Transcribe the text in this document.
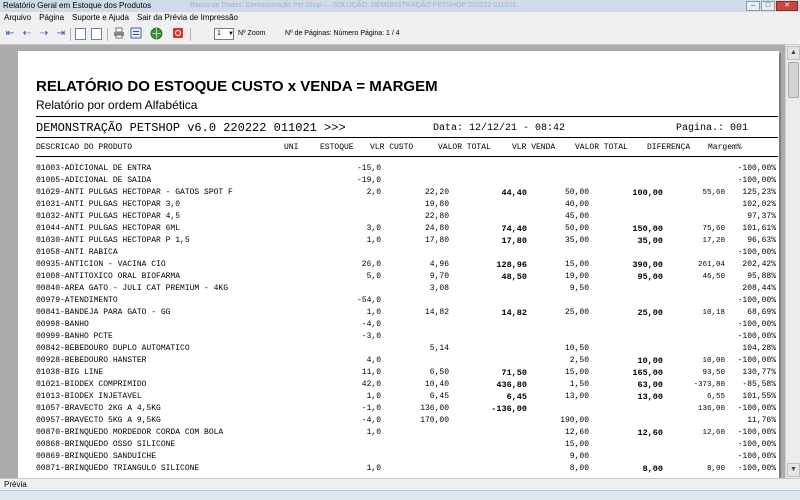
Relatório Geral em Estoque dos Produtos	Banco de Dados: Demonstração Pet Shop — SOLUÇÃO: DEMONSTRAÇÃO PETSHOP 220222 011021	–	□	✕
Arquivo	Página	Suporte e Ajuda	Sair da Prévia de Impressão
⇤ ⇠ ⇢ ⇥	1	▼ Nº Zoom	Nº de Páginas: Número Página: 1 / 4
RELATÓRIO DO ESTOQUE CUSTO x VENDA = MARGEM
Relatório por ordem Alfabética
DEMONSTRAÇÃO PETSHOP v6.0 220222 011021 >>>	Data: 12/12/21 - 08:42	Pagina.: 001
DESCRICAO DO PRODUTO	UNI	ESTOQUE VLR CUSTO	VALOR TOTAL	VLR VENDA VALOR TOTAL DIFERENÇA Margem%
01003-ADICIONAL DE ENTRA	-15,0	-100,00%
01005-ADICIONAL DE SAIDA	-19,0	-100,00%
01029-ANTI PULGAS HECTOPAR - GATOS SPOT F	2,0	22,20	44,40	50,00	100,00	55,60 125,23%
01031-ANTI PULGAS HECTOPAR 3,0	19,80	40,00	102,02%
01032-ANTI PULGAS HECTOPAR 4,5	22,80	45,00	97,37%
01044-ANTI PULGAS HECTOPAR 6ML	3,0	24,80	74,40	50,00	150,00	75,60 101,61%
01030-ANTI PULGAS HECTOPAR P 1,5	1,0	17,80	17,80	35,00	35,00	17,20	96,63%
01058-ANTI RABICA	-100,00%
00935-ANTICION - VACINA CIO	26,0	4,96	128,96	15,00	390,00	261,04 202,42%
01008-ANTITOXICO ORAL BIOFARMA	5,0	9,70	48,50	19,00	95,00	46,50	95,88%
00840-AREA GATO - JULI CAT PREMIUM - 4KG	3,08	9,50	208,44%
00979-ATENDIMENTO	-54,0	-100,00%
00841-BANDEJA PARA GATO - GG	1,0	14,82	14,82	25,00	25,00	10,18	68,69%
00998-BANHO	-4,0	-100,00%
00999-BANHO PCTE	-3,0	-100,00%
00842-BEBEDOURO DUPLO AUTOMATICO	5,14	10,50	104,28%
00928-BEBEDOURO HANSTER	4,0	2,50	10,00	10,00 -100,00%
01038-BIG LINE	11,0	6,50	71,50	15,00	165,00	93,50 130,77%
01021-BIODEX COMPRIMIDO	42,0	10,40	436,80	1,50	63,00	-373,80 -85,58%
01013-BIODEX INJETAVEL	1,0	6,45	6,45	13,00	13,00	6,55 101,55%
01057-BRAVECTO 2KG A 4,5KG	-1,0	136,00	-136,00	136,00 -100,00%
00957-BRAVECTO 5KG A 9,5KG	-4,0	170,00	190,00	11,76%
00870-BRINQUEDO MORDEDOR CORDA COM BOLA	1,0	12,60	12,60	12,60 -100,00%
00868-BRINQUEDO OSSO SILICONE	15,00	-100,00%
00869-BRINQUEDO SANDUICHE	9,00	-100,00%
00871-BRINQUEDO TRIANGULO SILICONE	1,0	8,00	8,00	8,00 -100,00%
▲
▼
Prévia
